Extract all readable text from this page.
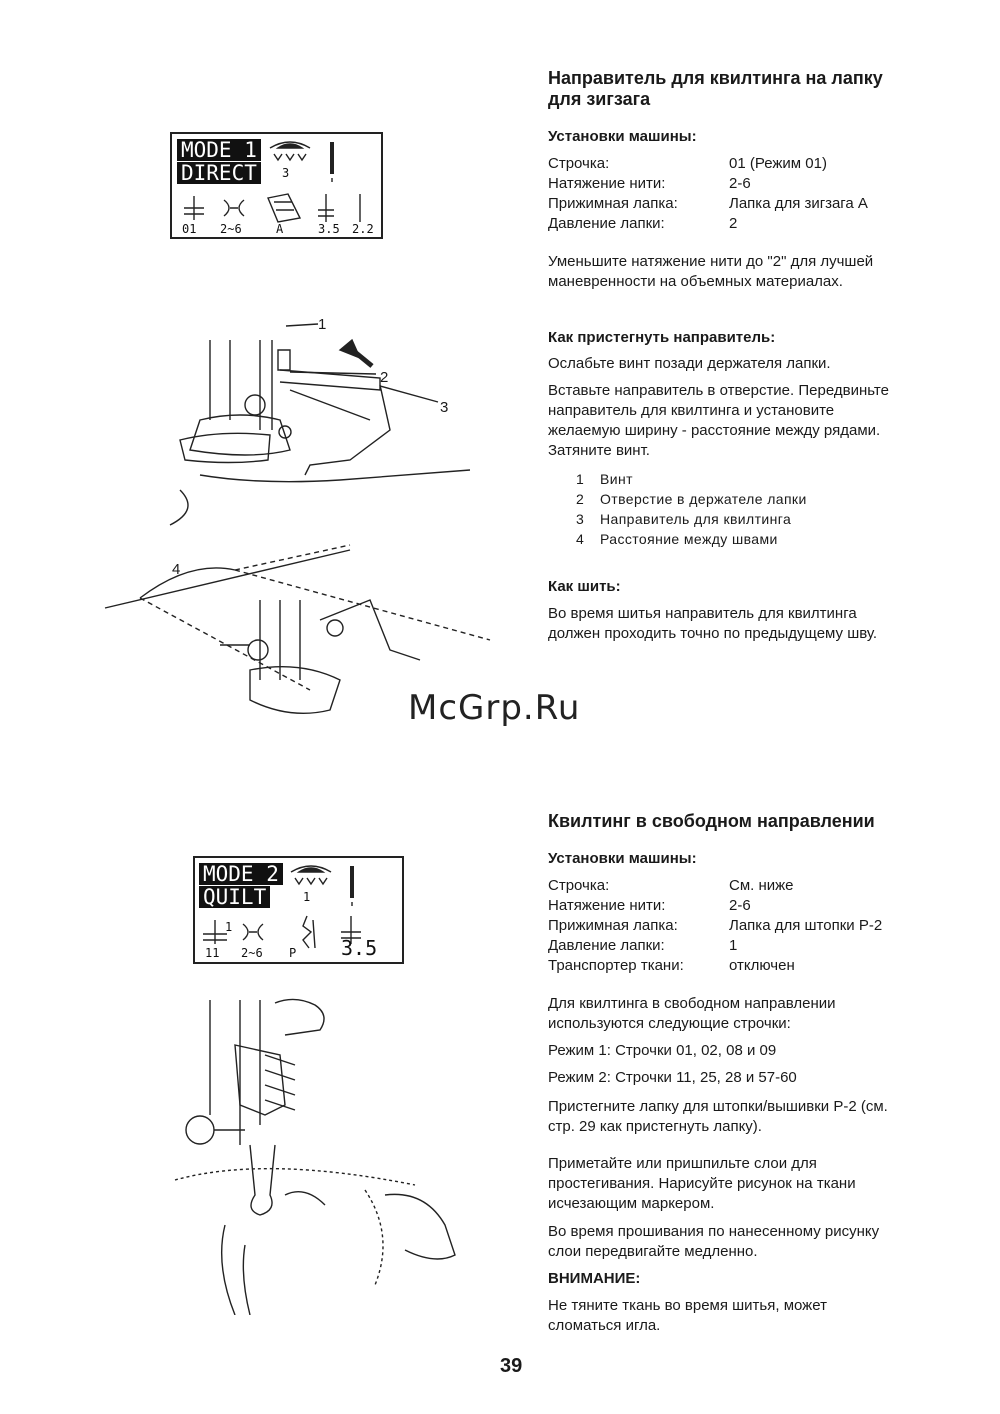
Направитель для квилтинга на лапку
для зигзага
Установки машины:
Строчка:	01 (Режим 01)
Натяжение нити:	2-6
Прижимная лапка:	Лапка для зигзага А
Давление лапки:	2
Уменьшите натяжение нити до "2" для лучшей
маневренности на объемных материалах.
Как пристегнуть направитель:
Ослабьте винт позади держателя лапки.
Вставьте направитель в отверстие. Передвиньте
направитель для квилтинга и установите
желаемую ширину - расстояние между рядами.
Затяните винт.
1 Винт
2 Отверстие в держателе лапки
3 Направитель для квилтинга
4 Расстояние между швами
Как шить:
Во время шитья направитель для квилтинга
должен проходить точно по предыдущему шву.
MODE 1
DIRECT	3
01 2~6	A	3.5 2.2
1
2
3
4
McGrp.Ru
Квилтинг в свободном направлении
Установки машины:
Строчка:	См. ниже
Натяжение нити:	2-6
Прижимная лапка:	Лапка для штопки Р-2
Давление лапки:	1
Транспортер ткани:	отключен
Для квилтинга в свободном направлении
используются следующие строчки:
Режим 1: Строчки 01, 02, 08 и 09
Режим 2: Строчки 11, 25, 28 и 57-60
Пристегните лапку для штопки/вышивки Р-2 (см.
стр. 29 как пристегнуть лапку).
Приметайте или пришпильте слои для
простегивания. Нарисуйте рисунок на ткани
исчезающим маркером.
Во время прошивания по нанесенному рисунку
слои передвигайте медленно.
ВНИМАНИЕ:
Не тяните ткань во время шитья, может
сломаться игла.
MODE 2
QUILT	1
1
11 2~6 P 3.5
39
